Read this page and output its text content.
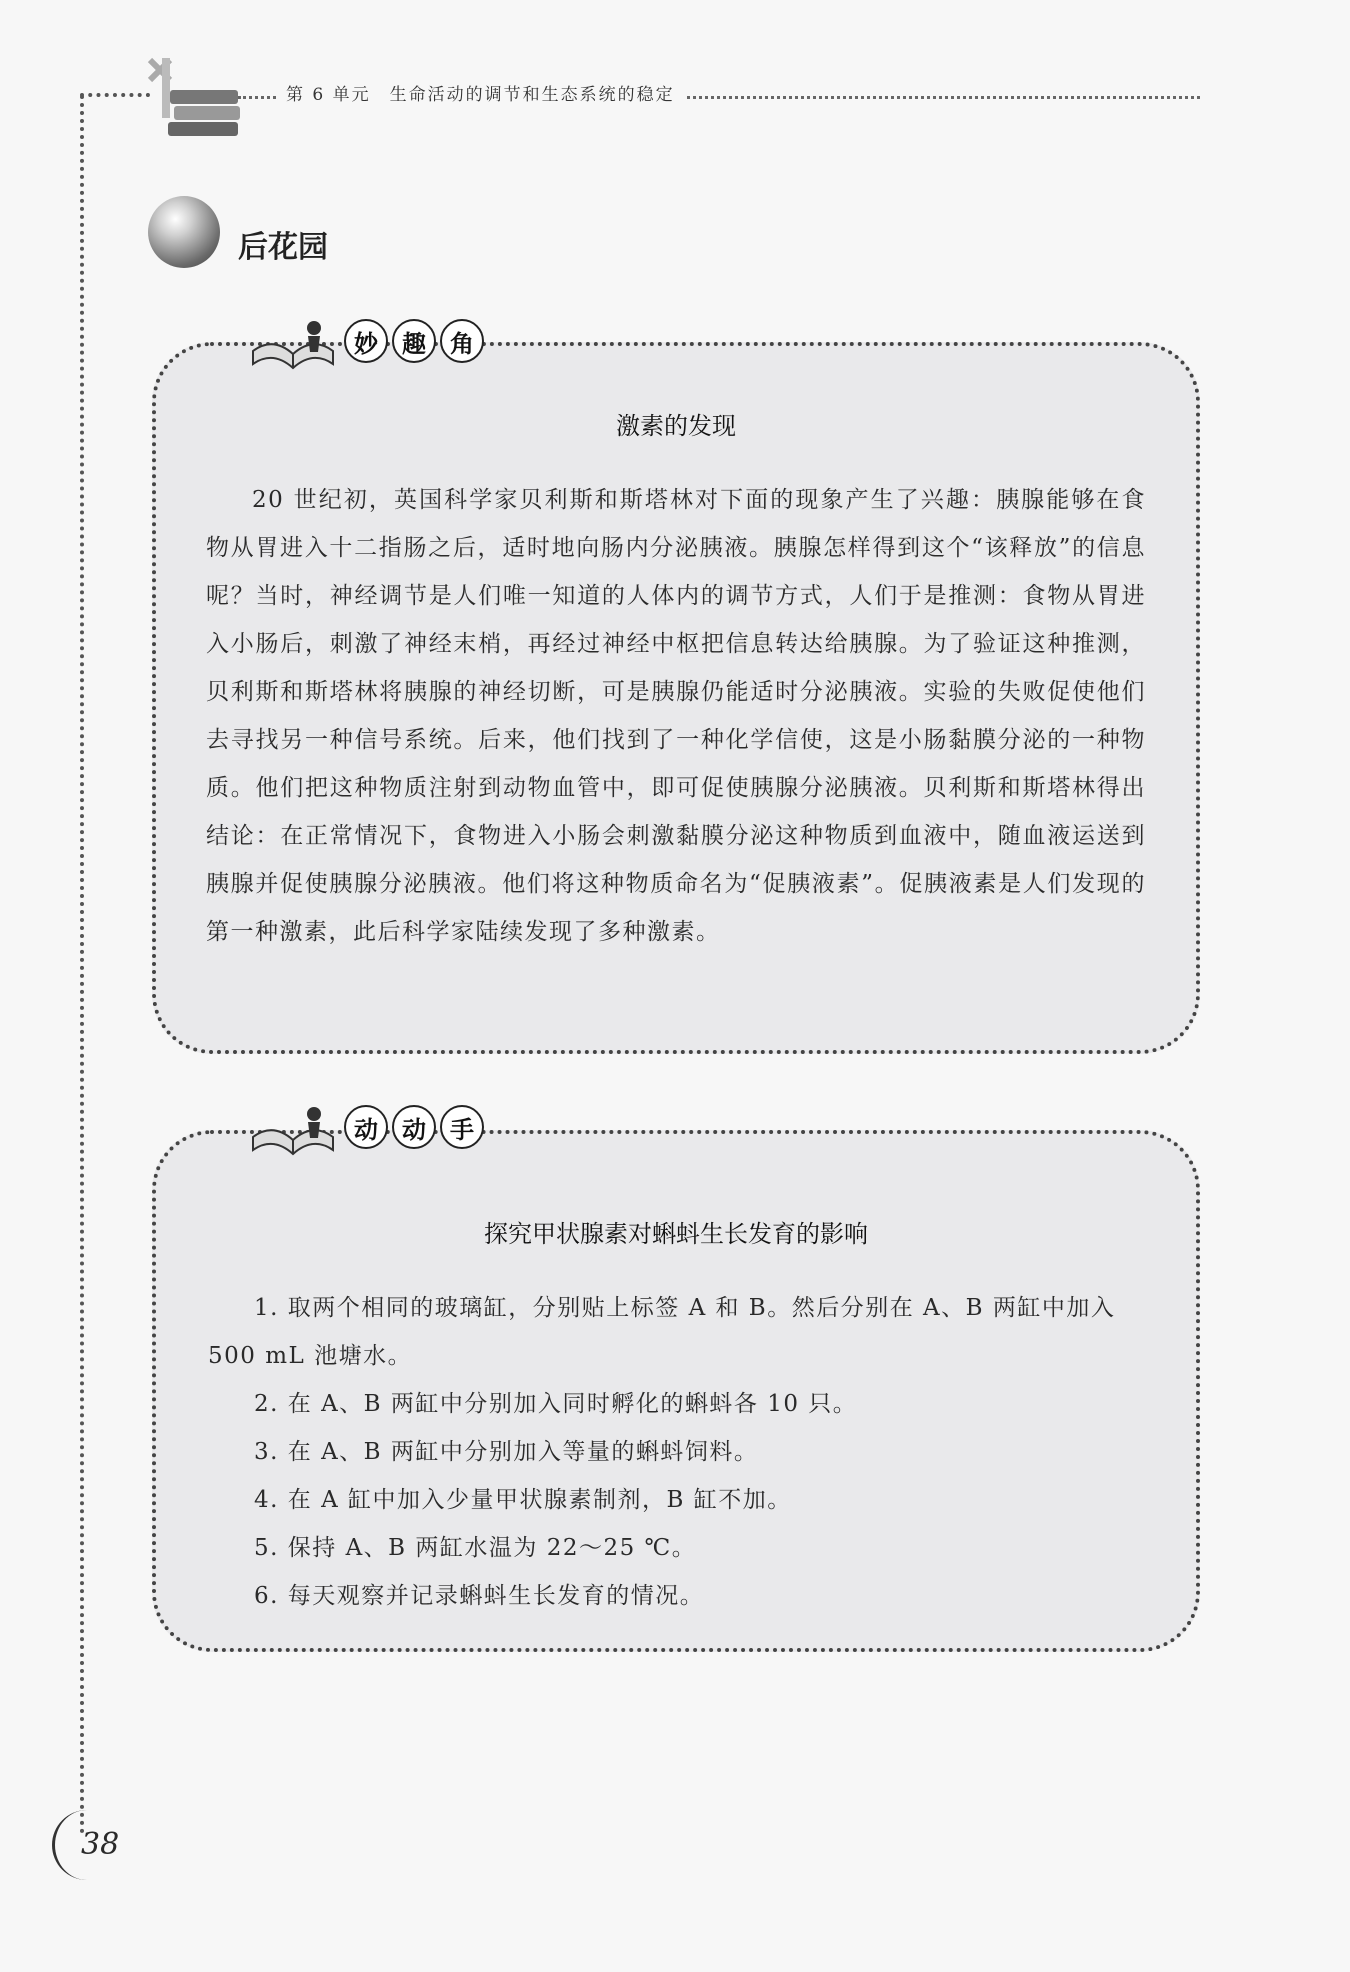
第 6 单元　生命活动的调节和生态系统的稳定
后花园
激素的发现

20 世纪初，英国科学家贝利斯和斯塔林对下面的现象产生了兴趣：胰腺能够在食物从胃进入十二指肠之后，适时地向肠内分泌胰液。胰腺怎样得到这个“该释放”的信息呢？当时，神经调节是人们唯一知道的人体内的调节方式，人们于是推测：食物从胃进入小肠后，刺激了神经末梢，再经过神经中枢把信息转达给胰腺。为了验证这种推测，贝利斯和斯塔林将胰腺的神经切断，可是胰腺仍能适时分泌胰液。实验的失败促使他们去寻找另一种信号系统。后来，他们找到了一种化学信使，这是小肠黏膜分泌的一种物质。他们把这种物质注射到动物血管中，即可促使胰腺分泌胰液。贝利斯和斯塔林得出结论：在正常情况下，食物进入小肠会刺激黏膜分泌这种物质到血液中，随血液运送到胰腺并促使胰腺分泌胰液。他们将这种物质命名为“促胰液素”。促胰液素是人们发现的第一种激素，此后科学家陆续发现了多种激素。

妙	趣	角
探究甲状腺素对蝌蚪生长发育的影响
1. 取两个相同的玻璃缸，分别贴上标签 A 和 B。然后分别在 A、B 两缸中加入 500 mL 池塘水。
2. 在 A、B 两缸中分别加入同时孵化的蝌蚪各 10 只。
3. 在 A、B 两缸中分别加入等量的蝌蚪饲料。
4. 在 A 缸中加入少量甲状腺素制剂，B 缸不加。
5. 保持 A、B 两缸水温为 22～25 ℃。
6. 每天观察并记录蝌蚪生长发育的情况。
动	动	手
38
